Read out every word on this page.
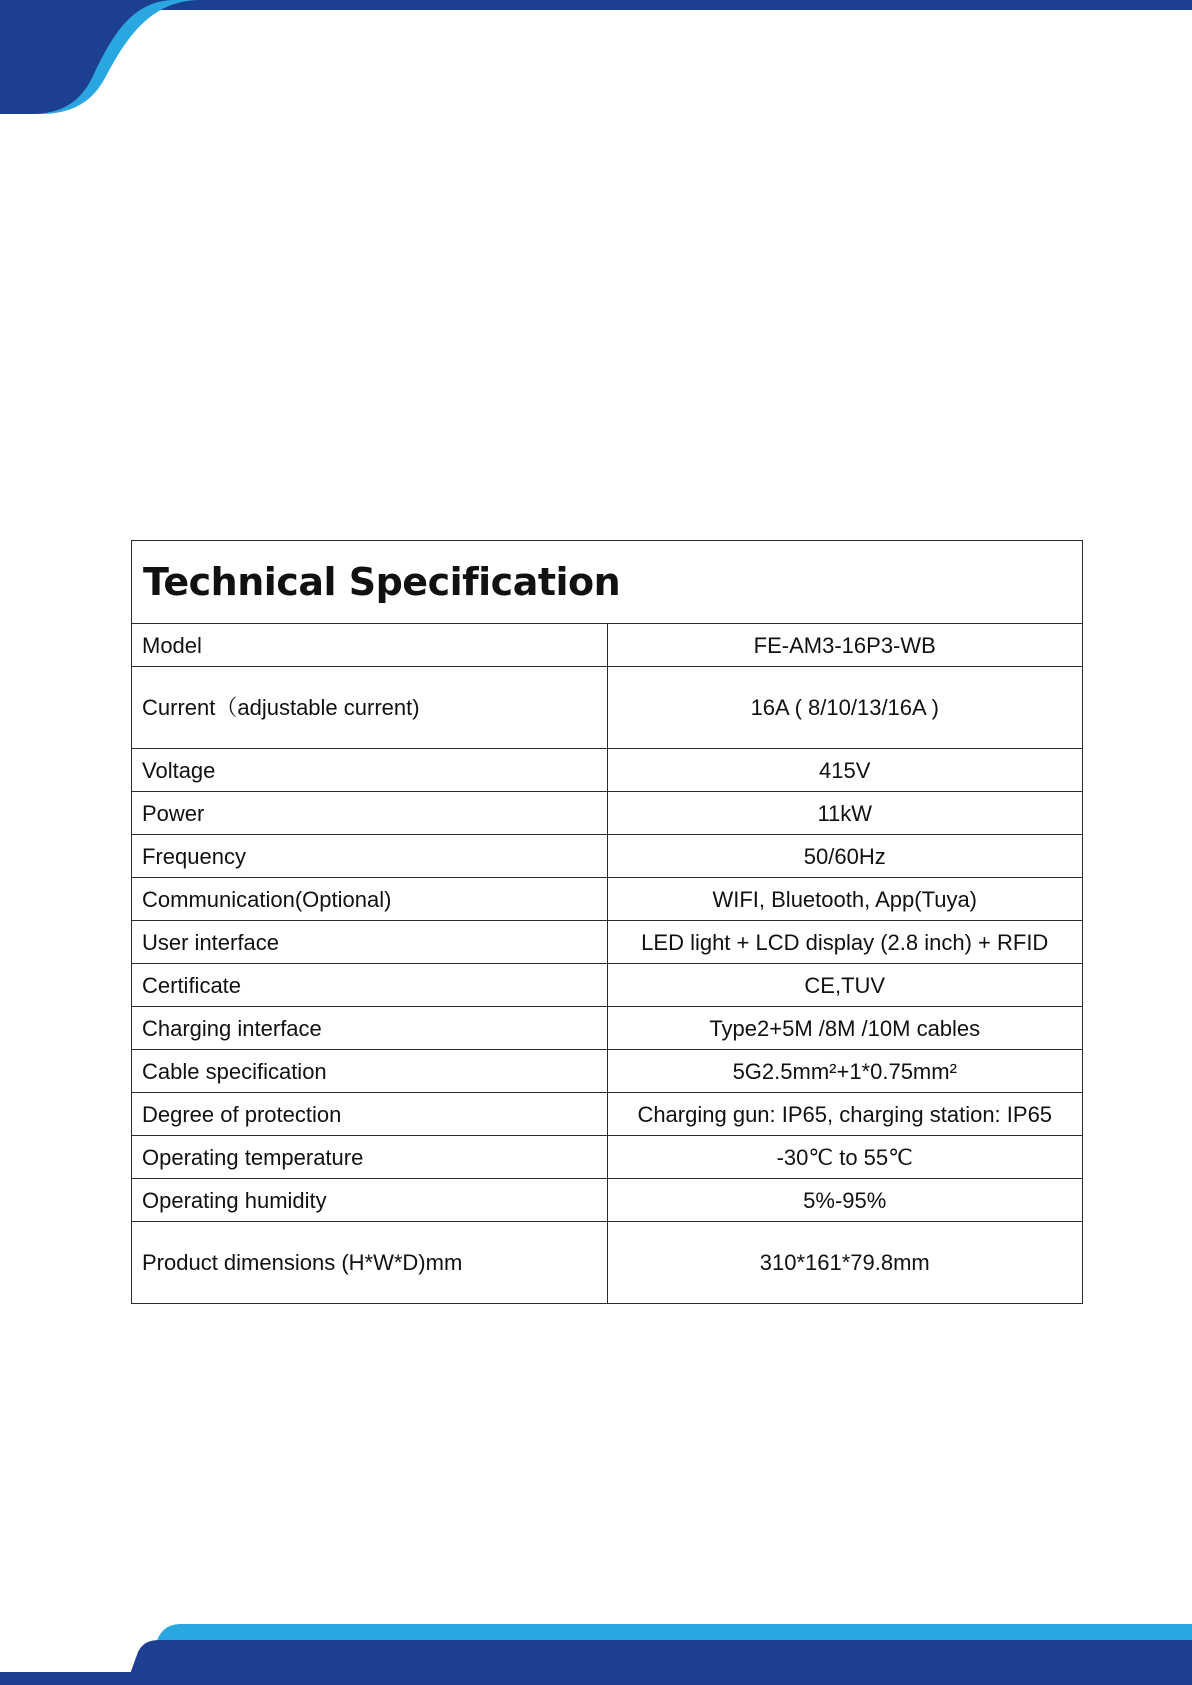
Technical Specification	
Model	FE-AM3-16P3-WB
Current（adjustable current)	16A ( 8/10/13/16A )
Voltage	415V
Power	11kW
Frequency	50/60Hz
Communication(Optional)	WIFI, Bluetooth, App(Tuya)
User interface	LED light + LCD display (2.8 inch) + RFID
Certificate	CE,TUV
Charging interface	Type2+5M /8M /10M cables
Cable specification	5G2.5mm²+1*0.75mm²
Degree of protection	Charging gun: IP65, charging station: IP65
Operating temperature	-30℃ to 55℃
Operating humidity	5%-95%
Product dimensions (H*W*D)mm	310*161*79.8mm
